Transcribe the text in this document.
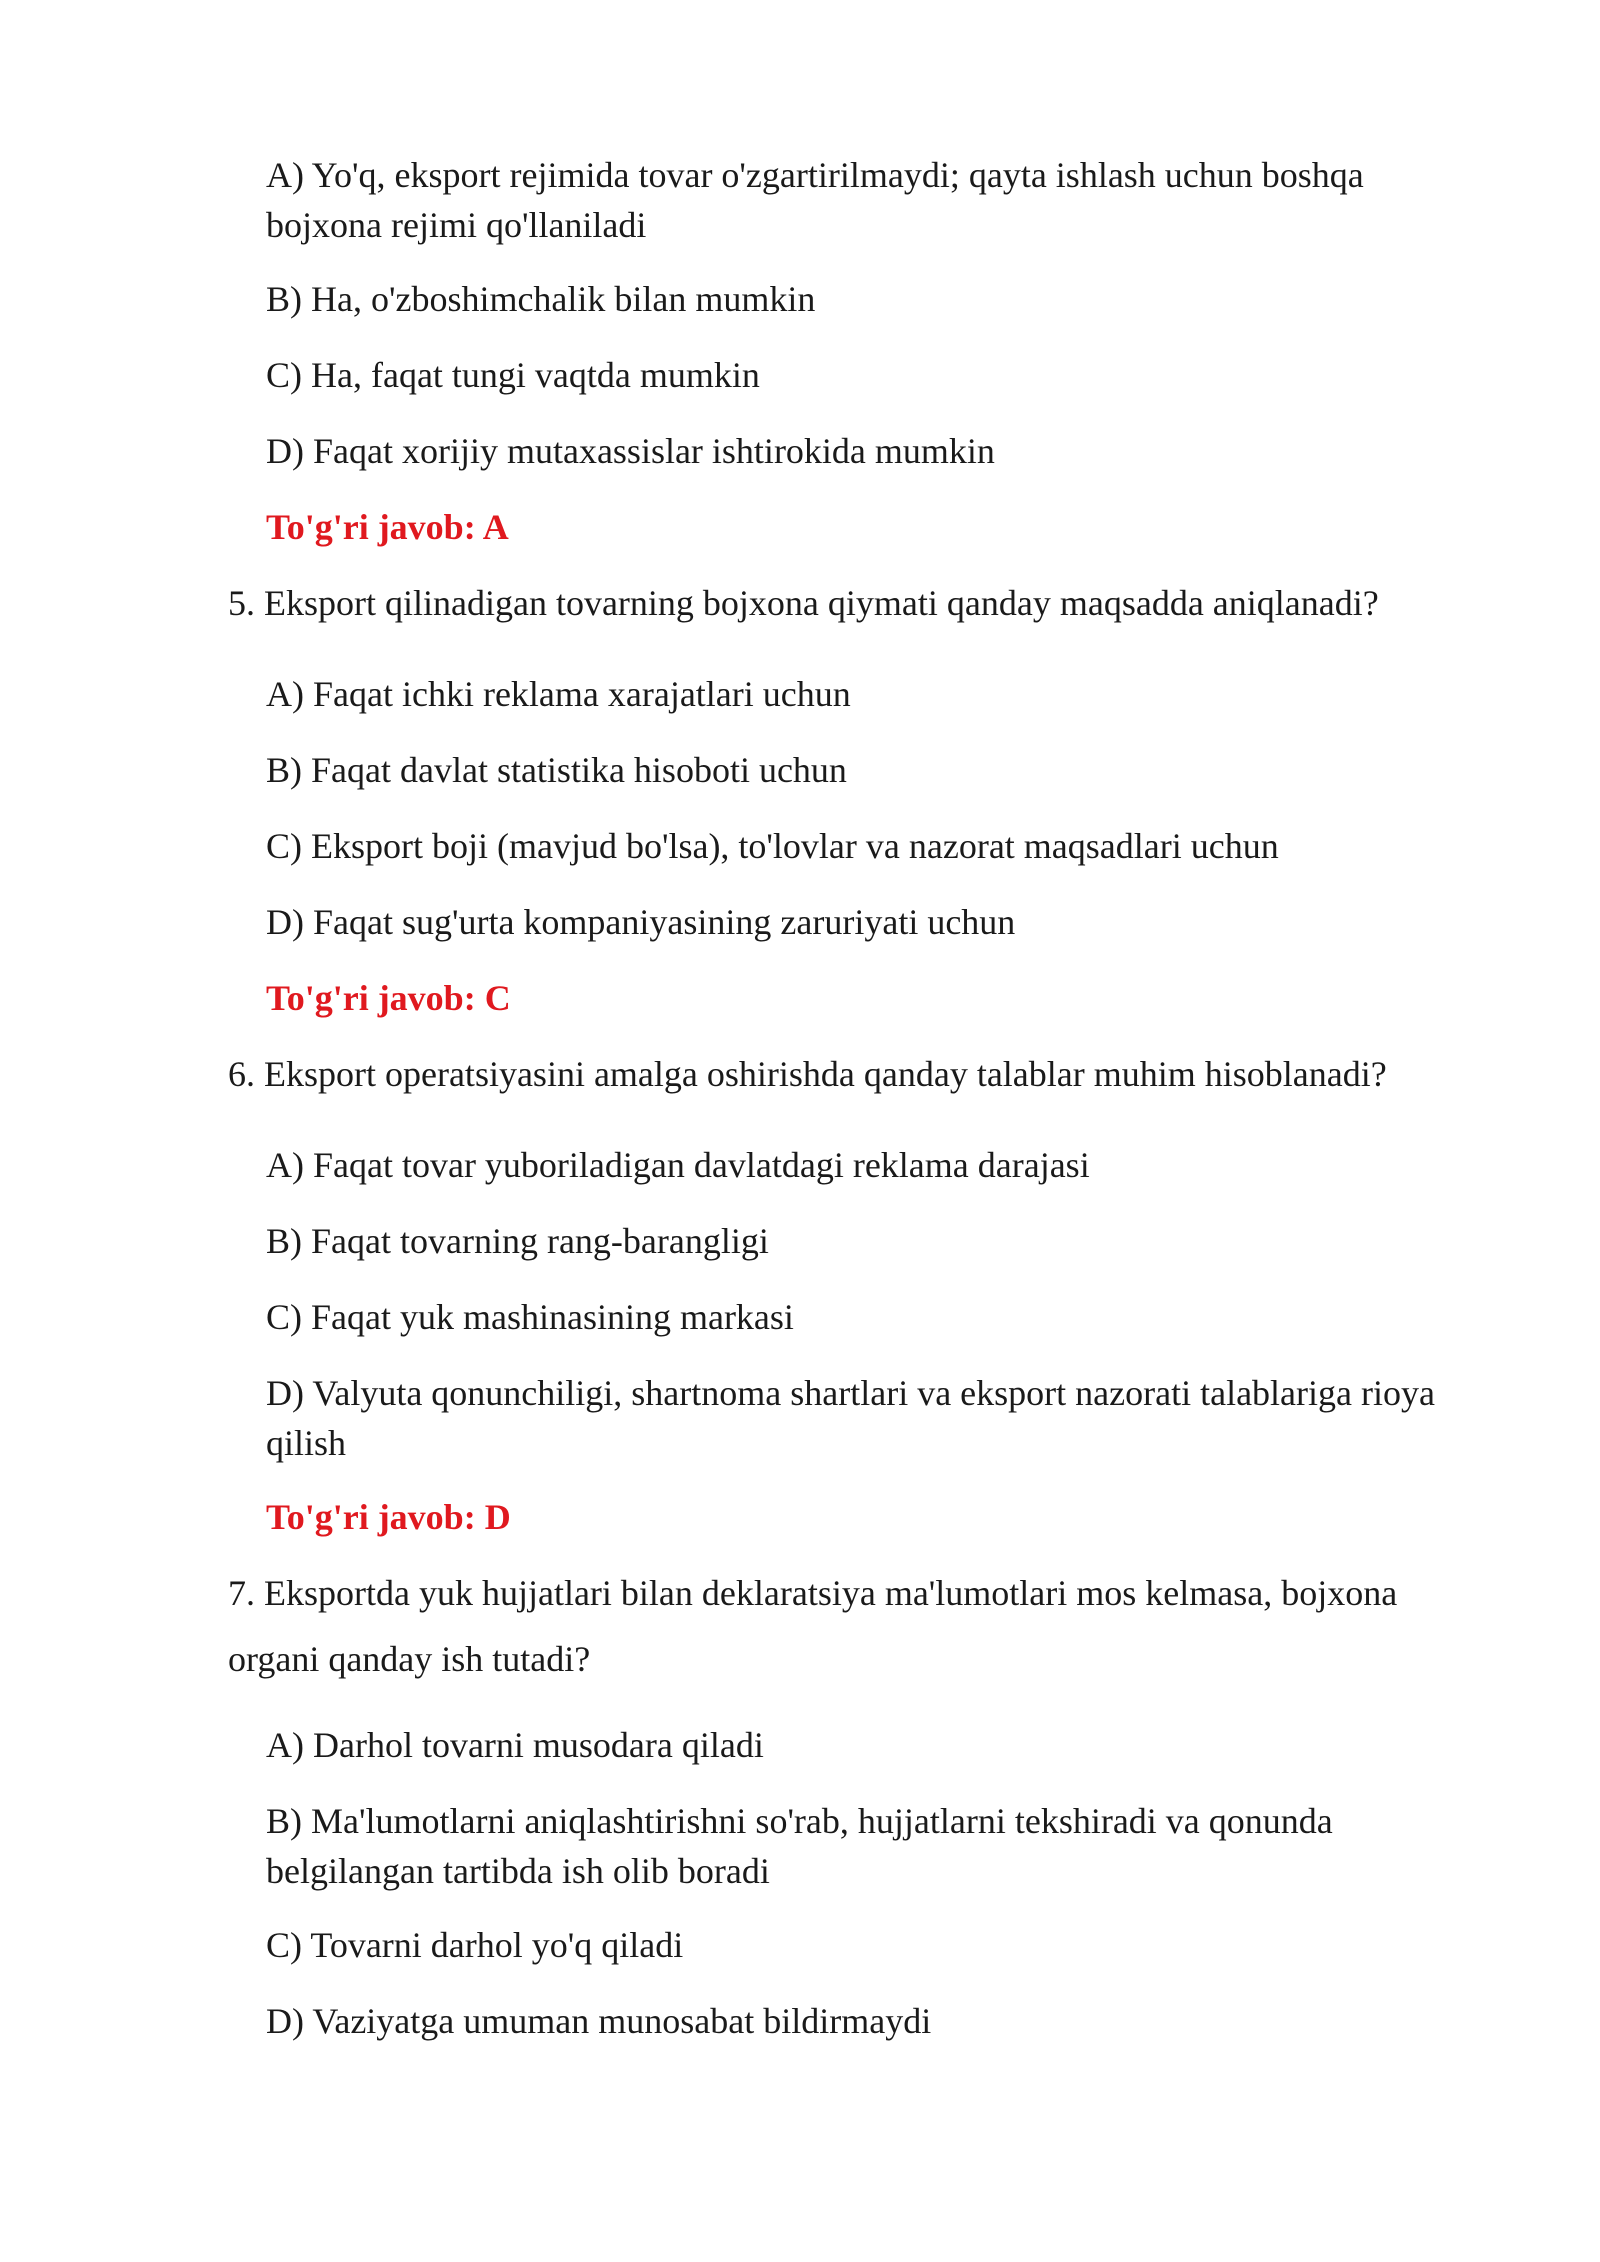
A) Yo'q, eksport rejimida tovar o'zgartirilmaydi; qayta ishlash uchun boshqa bojxona rejimi qo'llaniladi

B) Ha, o'zboshimchalik bilan mumkin

C) Ha, faqat tungi vaqtda mumkin

D) Faqat xorijiy mutaxassislar ishtirokida mumkin

To'g'ri javob: A

5. Eksport qilinadigan tovarning bojxona qiymati qanday maqsadda aniqlanadi?

A) Faqat ichki reklama xarajatlari uchun

B) Faqat davlat statistika hisoboti uchun

C) Eksport boji (mavjud bo'lsa), to'lovlar va nazorat maqsadlari uchun

D) Faqat sug'urta kompaniyasining zaruriyati uchun

To'g'ri javob: C

6. Eksport operatsiyasini amalga oshirishda qanday talablar muhim hisoblanadi?

A) Faqat tovar yuboriladigan davlatdagi reklama darajasi

B) Faqat tovarning rang-barangligi

C) Faqat yuk mashinasining markasi

D) Valyuta qonunchiligi, shartnoma shartlari va eksport nazorati talablariga rioya qilish

To'g'ri javob: D

7. Eksportda yuk hujjatlari bilan deklaratsiya ma'lumotlari mos kelmasa, bojxona organi qanday ish tutadi?

A) Darhol tovarni musodara qiladi

B) Ma'lumotlarni aniqlashtirishni so'rab, hujjatlarni tekshiradi va qonunda belgilangan tartibda ish olib boradi

C) Tovarni darhol yo'q qiladi

D) Vaziyatga umuman munosabat bildirmaydi
